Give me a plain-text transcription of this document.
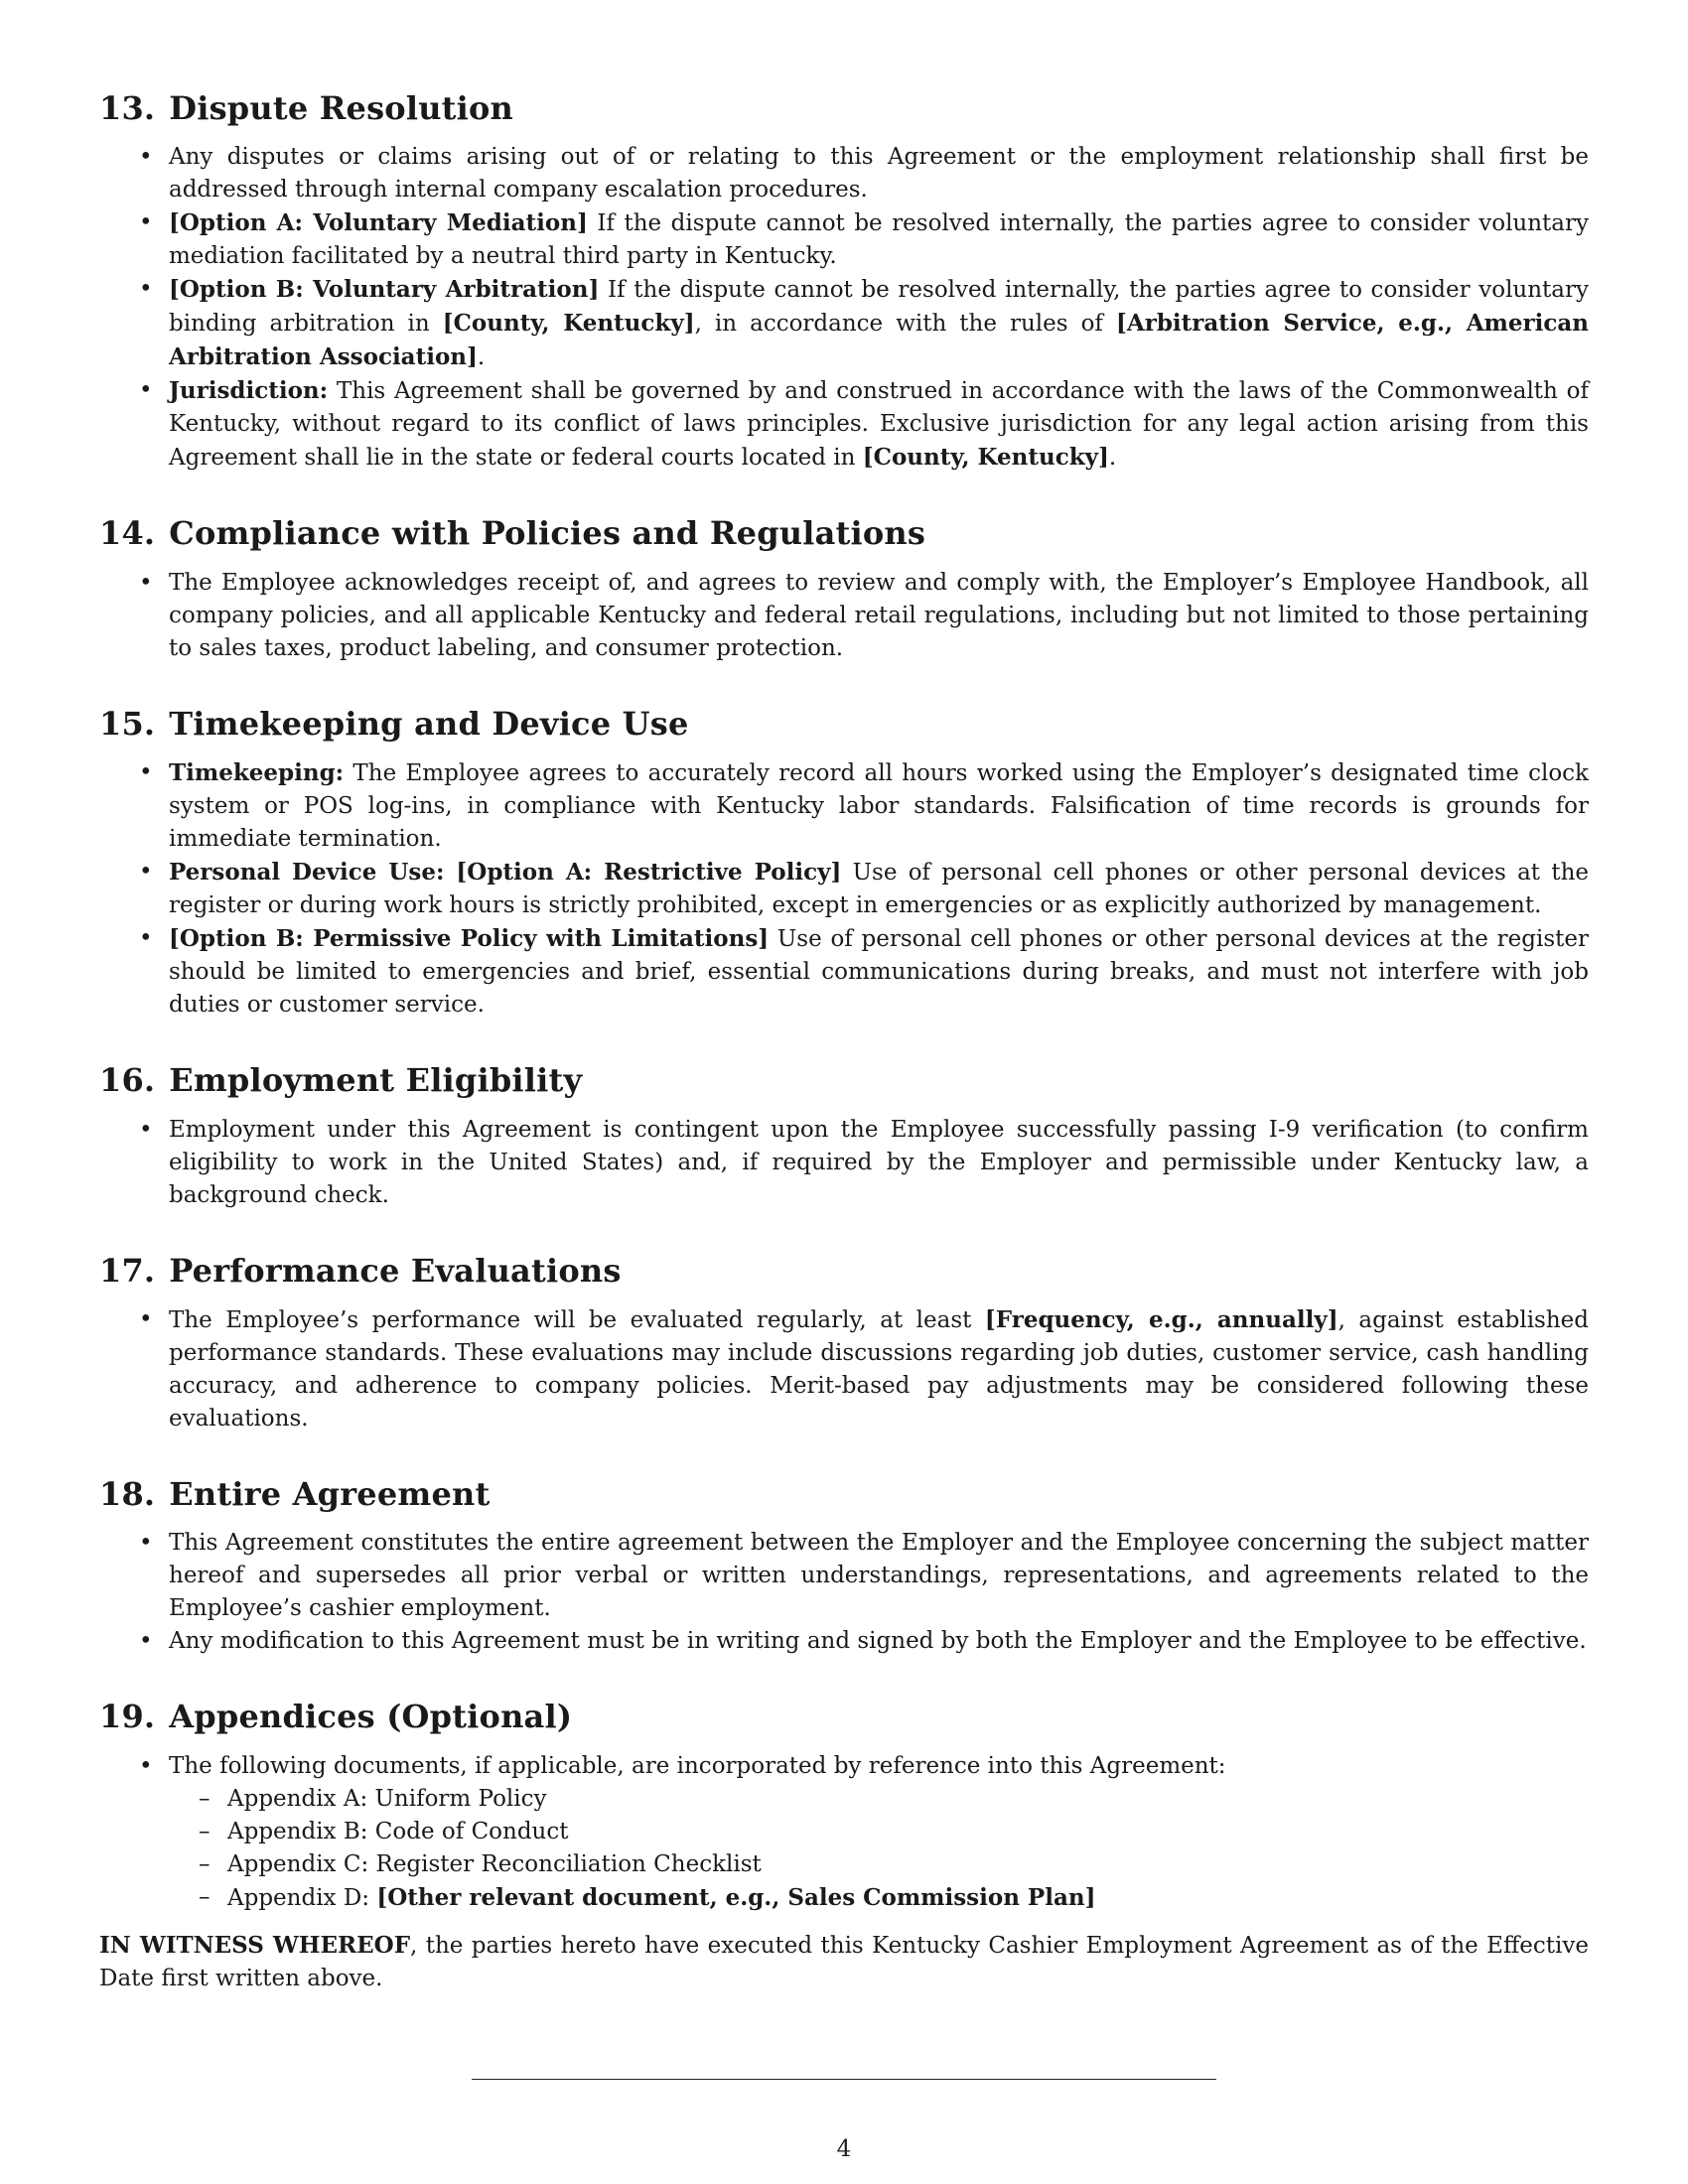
13. Dispute Resolution
• Any disputes or claims arising out of or relating to this Agreement or the employment relationship shall first be addressed through internal company escalation procedures.
• [Option A: Voluntary Mediation] If the dispute cannot be resolved internally, the parties agree to consider voluntary mediation facilitated by a neutral third party in Kentucky.
• [Option B: Voluntary Arbitration] If the dispute cannot be resolved internally, the parties agree to consider voluntary binding arbitration in [County, Kentucky], in accordance with the rules of [Arbitration Service, e.g., American Arbitration Association].
• Jurisdiction: This Agreement shall be governed by and construed in accordance with the laws of the Commonwealth of Kentucky, without regard to its conflict of laws principles. Exclusive jurisdiction for any legal action arising from this Agreement shall lie in the state or federal courts located in [County, Kentucky].
14. Compliance with Policies and Regulations
• The Employee acknowledges receipt of, and agrees to review and comply with, the Employer’s Employee Handbook, all company policies, and all applicable Kentucky and federal retail regulations, including but not limited to those pertaining to sales taxes, product labeling, and consumer protection.
15. Timekeeping and Device Use
• Timekeeping: The Employee agrees to accurately record all hours worked using the Employer’s designated time clock system or POS log-ins, in compliance with Kentucky labor standards. Falsification of time records is grounds for immediate termination.
• Personal Device Use: [Option A: Restrictive Policy] Use of personal cell phones or other personal devices at the register or during work hours is strictly prohibited, except in emergencies or as explicitly authorized by management.
• [Option B: Permissive Policy with Limitations] Use of personal cell phones or other personal devices at the register should be limited to emergencies and brief, essential communications during breaks, and must not interfere with job duties or customer service.
16. Employment Eligibility
• Employment under this Agreement is contingent upon the Employee successfully passing I-9 verification (to confirm eligibility to work in the United States) and, if required by the Employer and permissible under Kentucky law, a background check.
17. Performance Evaluations
• The Employee’s performance will be evaluated regularly, at least [Frequency, e.g., annually], against established performance standards. These evaluations may include discussions regarding job duties, customer service, cash handling accuracy, and adherence to company policies. Merit-based pay adjustments may be considered following these evaluations.
18. Entire Agreement
• This Agreement constitutes the entire agreement between the Employer and the Employee concerning the subject matter hereof and supersedes all prior verbal or written understandings, representations, and agreements related to the Employee’s cashier employment.
• Any modification to this Agreement must be in writing and signed by both the Employer and the Employee to be effective.
19. Appendices (Optional)
• The following documents, if applicable, are incorporated by reference into this Agreement:
– Appendix A: Uniform Policy
– Appendix B: Code of Conduct
– Appendix C: Register Reconciliation Checklist
– Appendix D: [Other relevant document, e.g., Sales Commission Plan]

IN WITNESS WHEREOF, the parties hereto have executed this Kentucky Cashier Employment Agreement as of the Effective Date first written above.

4
